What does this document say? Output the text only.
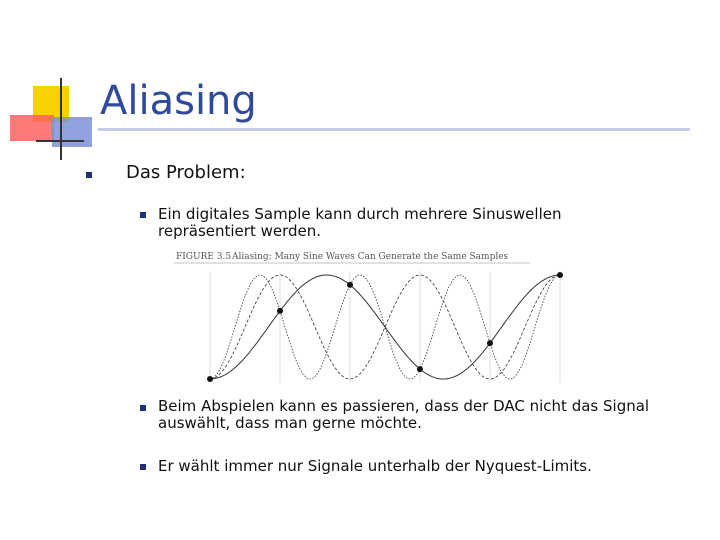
Aliasing
Das Problem:
Ein digitales Sample kann durch mehrere Sinuswellen repräsentiert werden.
FIGURE 3.5 Aliasing: Many Sine Waves Can Generate the Same Samples
Beim Abspielen kann es passieren, dass der DAC nicht das Signal auswählt, dass man gerne möchte.
Er wählt immer nur Signale unterhalb der Nyquest-Limits.
